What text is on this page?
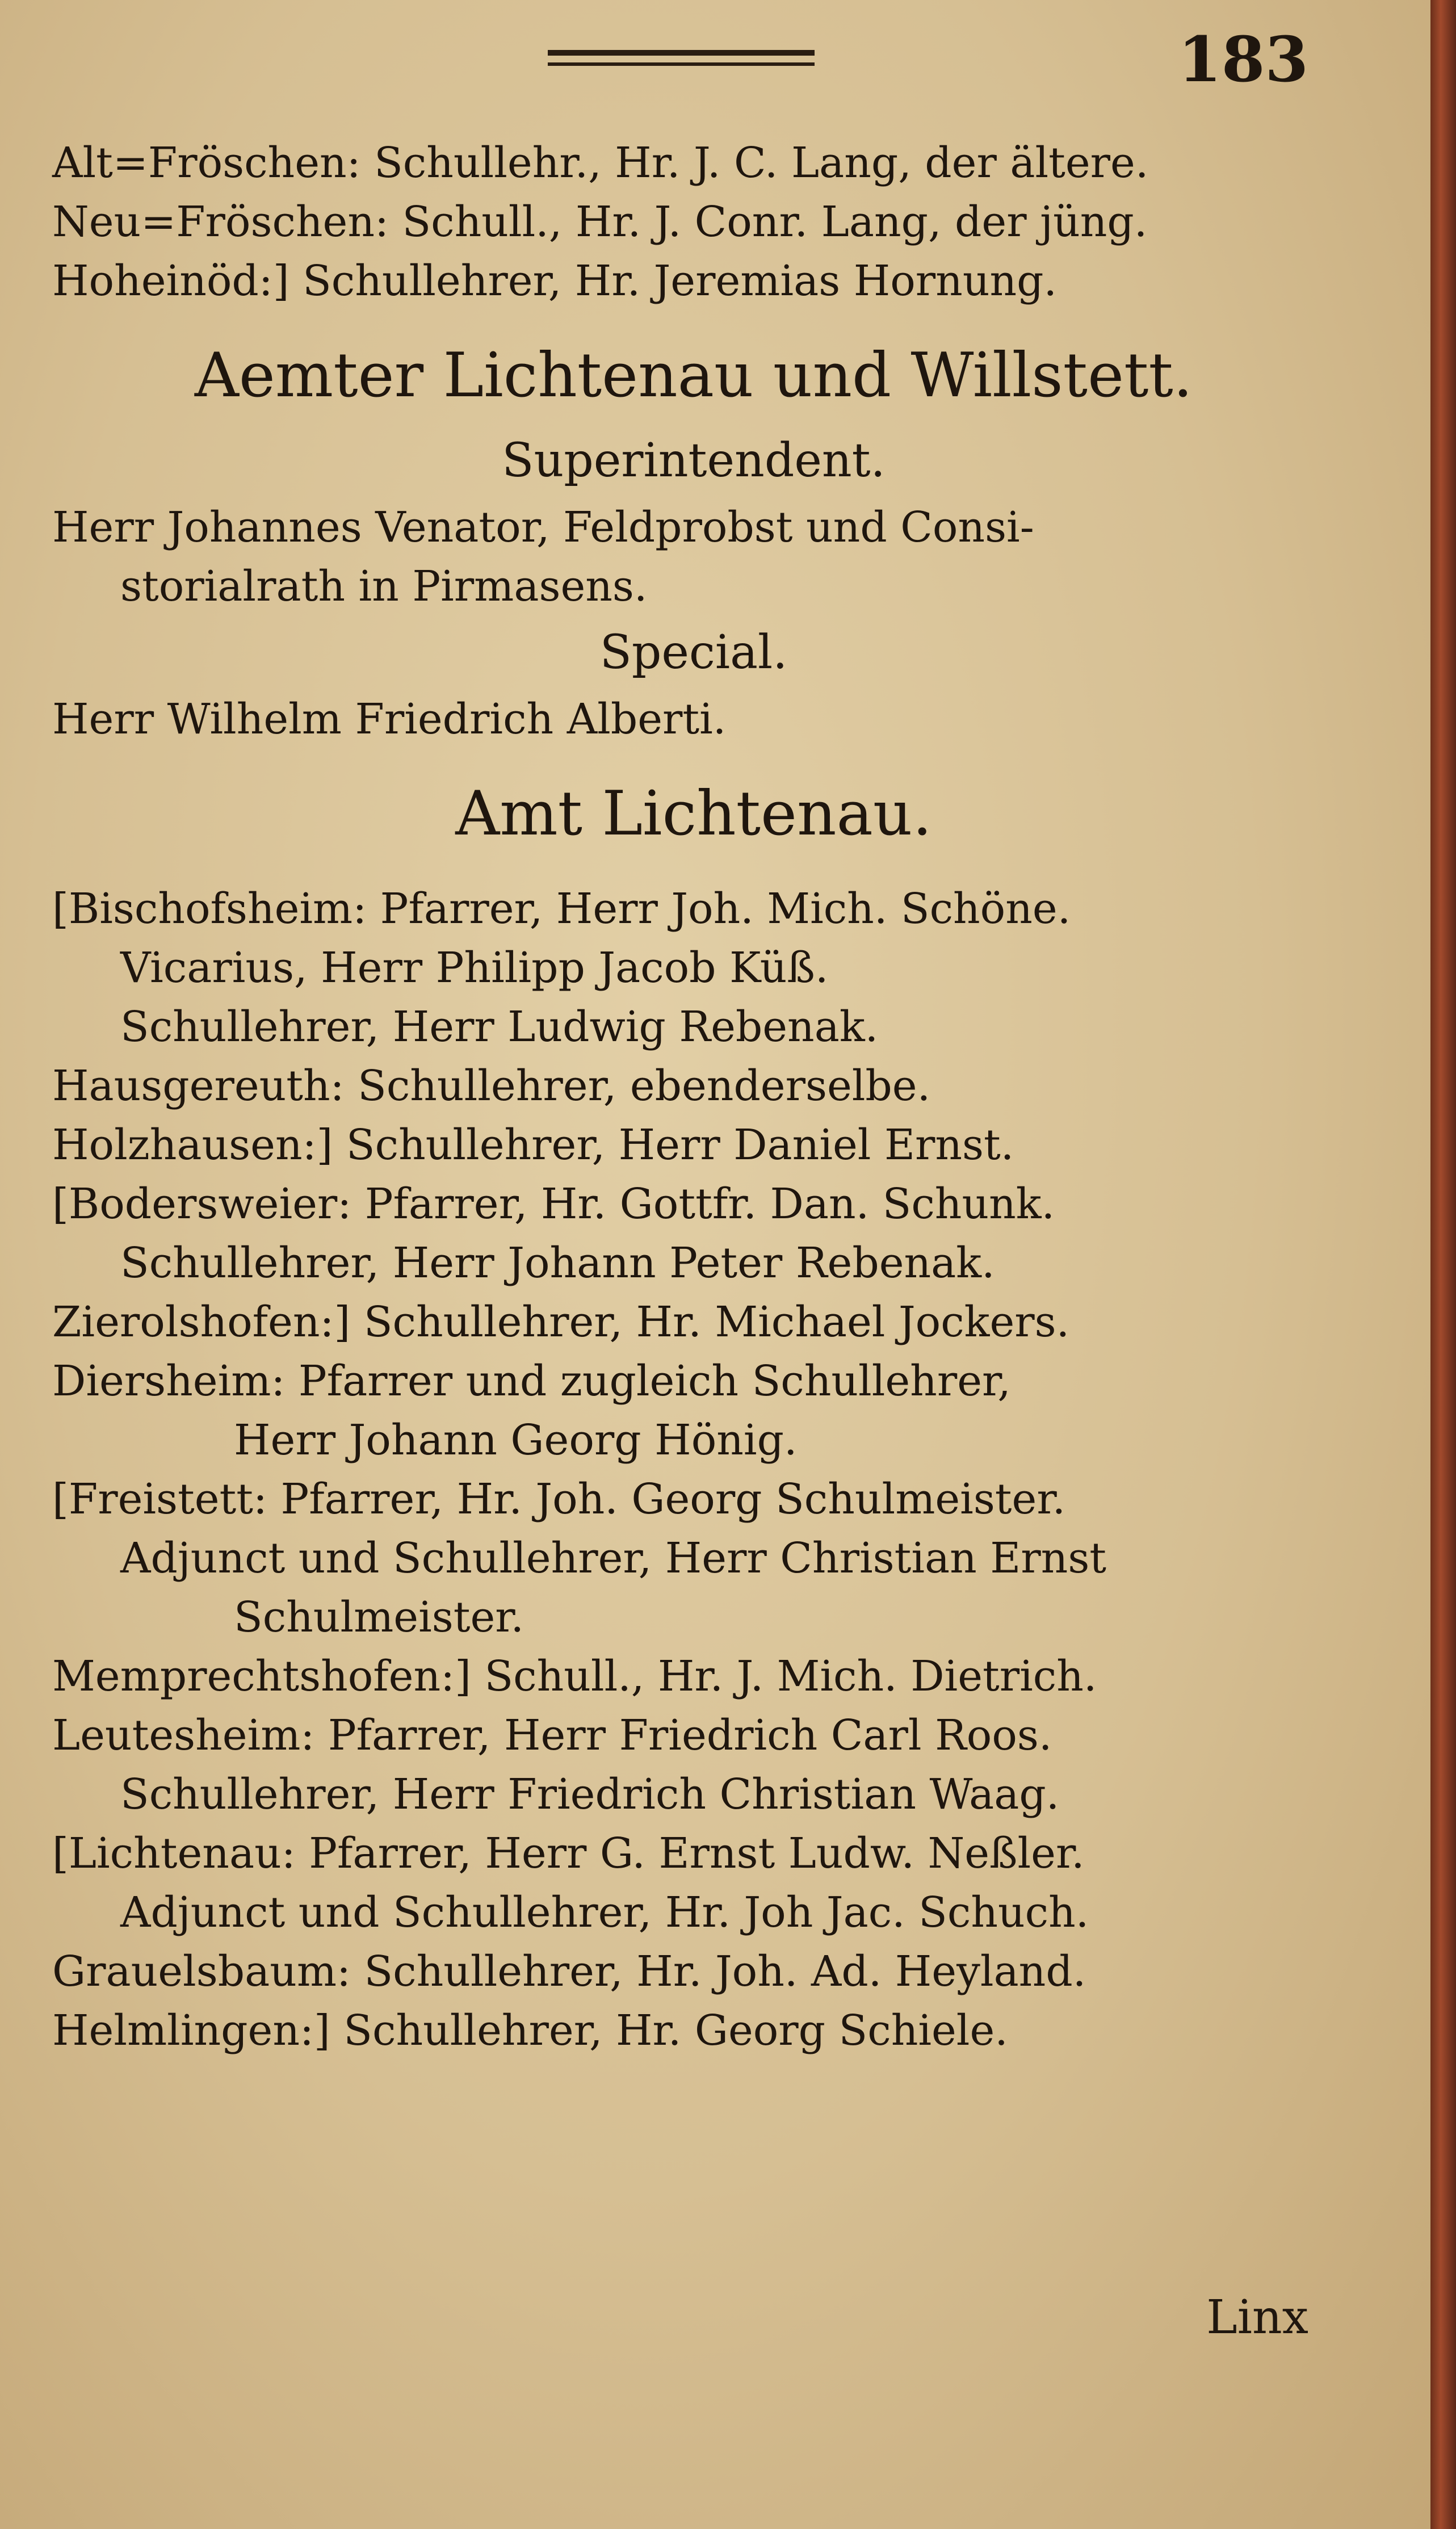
183
Alt=Fröschen: Schullehr., Hr. J. C. Lang, der ältere.
Neu=Fröschen: Schull., Hr. J. Conr. Lang, der jüng.
Hoheinöd:] Schullehrer, Hr. Jeremias Hornung.
Aemter Lichtenau und Willstett.
Superintendent.
Herr Johannes Venator, Feldprobst und Consi-
storialrath in Pirmasens.
Special.
Herr Wilhelm Friedrich Alberti.
Amt Lichtenau.
[Bischofsheim: Pfarrer, Herr Joh. Mich. Schöne.
Vicarius, Herr Philipp Jacob Küß.
Schullehrer, Herr Ludwig Rebenak.
Hausgereuth: Schullehrer, ebenderselbe.
Holzhausen:] Schullehrer, Herr Daniel Ernst.
[Bodersweier: Pfarrer, Hr. Gottfr. Dan. Schunk.
Schullehrer, Herr Johann Peter Rebenak.
Zierolshofen:] Schullehrer, Hr. Michael Jockers.
Diersheim: Pfarrer und zugleich Schullehrer,
Herr Johann Georg Hönig.
[Freistett: Pfarrer, Hr. Joh. Georg Schulmeister.
Adjunct und Schullehrer, Herr Christian Ernst
Schulmeister.
Memprechtshofen:] Schull., Hr. J. Mich. Dietrich.
Leutesheim: Pfarrer, Herr Friedrich Carl Roos.
Schullehrer, Herr Friedrich Christian Waag.
[Lichtenau: Pfarrer, Herr G. Ernst Ludw. Neßler.
Adjunct und Schullehrer, Hr. Joh Jac. Schuch.
Grauelsbaum: Schullehrer, Hr. Joh. Ad. Heyland.
Helmlingen:] Schullehrer, Hr. Georg Schiele.
Linx
